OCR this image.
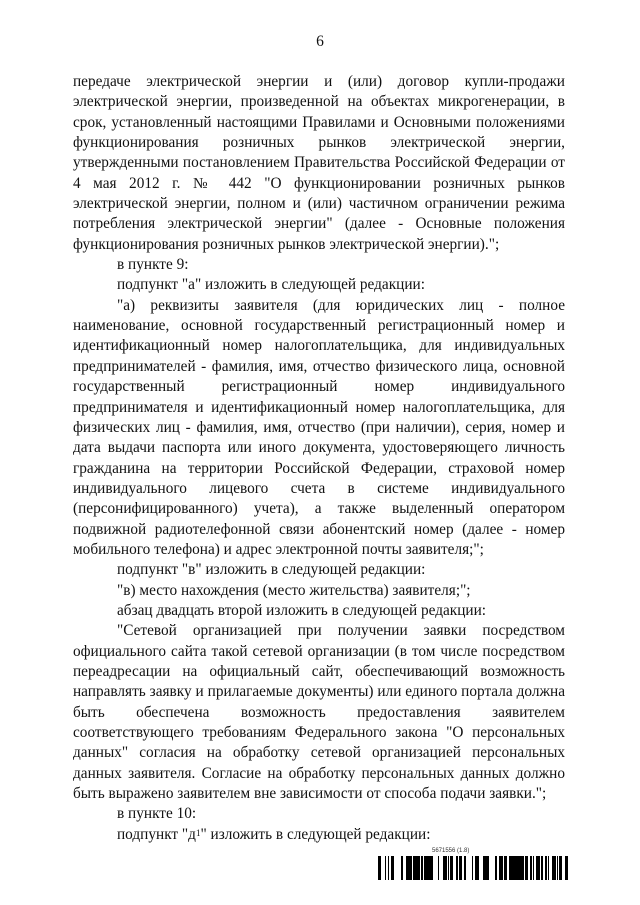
6

передаче электрической энергии и (или) договор купли-продажи электрической энергии, произведенной на объектах микрогенерации, в срок, установленный настоящими Правилами и Основными положениями функционирования розничных рынков электрической энергии, утвержденными постановлением Правительства Российской Федерации от 4 мая 2012 г. № 442 "О функционировании розничных рынков электрической энергии, полном и (или) частичном ограничении режима потребления электрической энергии" (далее - Основные положения функционирования розничных рынков электрической энергии).";

в пункте 9:

подпункт "а" изложить в следующей редакции:

"а) реквизиты заявителя (для юридических лиц - полное наименование, основной государственный регистрационный номер и идентификационный номер налогоплательщика, для индивидуальных предпринимателей - фамилия, имя, отчество физического лица, основной государственный регистрационный номер индивидуального предпринимателя и идентификационный номер налогоплательщика, для физических лиц - фамилия, имя, отчество (при наличии), серия, номер и дата выдачи паспорта или иного документа, удостоверяющего личность гражданина на территории Российской Федерации, страховой номер индивидуального лицевого счета в системе индивидуального (персонифицированного) учета), а также выделенный оператором подвижной радиотелефонной связи абонентский номер (далее - номер мобильного телефона) и адрес электронной почты заявителя;";

подпункт "в" изложить в следующей редакции:

"в) место нахождения (место жительства) заявителя;";

абзац двадцать второй изложить в следующей редакции:

"Сетевой организацией при получении заявки посредством официального сайта такой сетевой организации (в том числе посредством переадресации на официальный сайт, обеспечивающий возможность направлять заявку и прилагаемые документы) или единого портала должна быть обеспечена возможность предоставления заявителем соответствующего требованиям Федерального закона "О персональных данных" согласия на обработку сетевой организацией персональных данных заявителя. Согласие на обработку персональных данных должно быть выражено заявителем вне зависимости от способа подачи заявки.";

в пункте 10:

подпункт "$д^1$" изложить в следующей редакции:

5671556 (1.8)
